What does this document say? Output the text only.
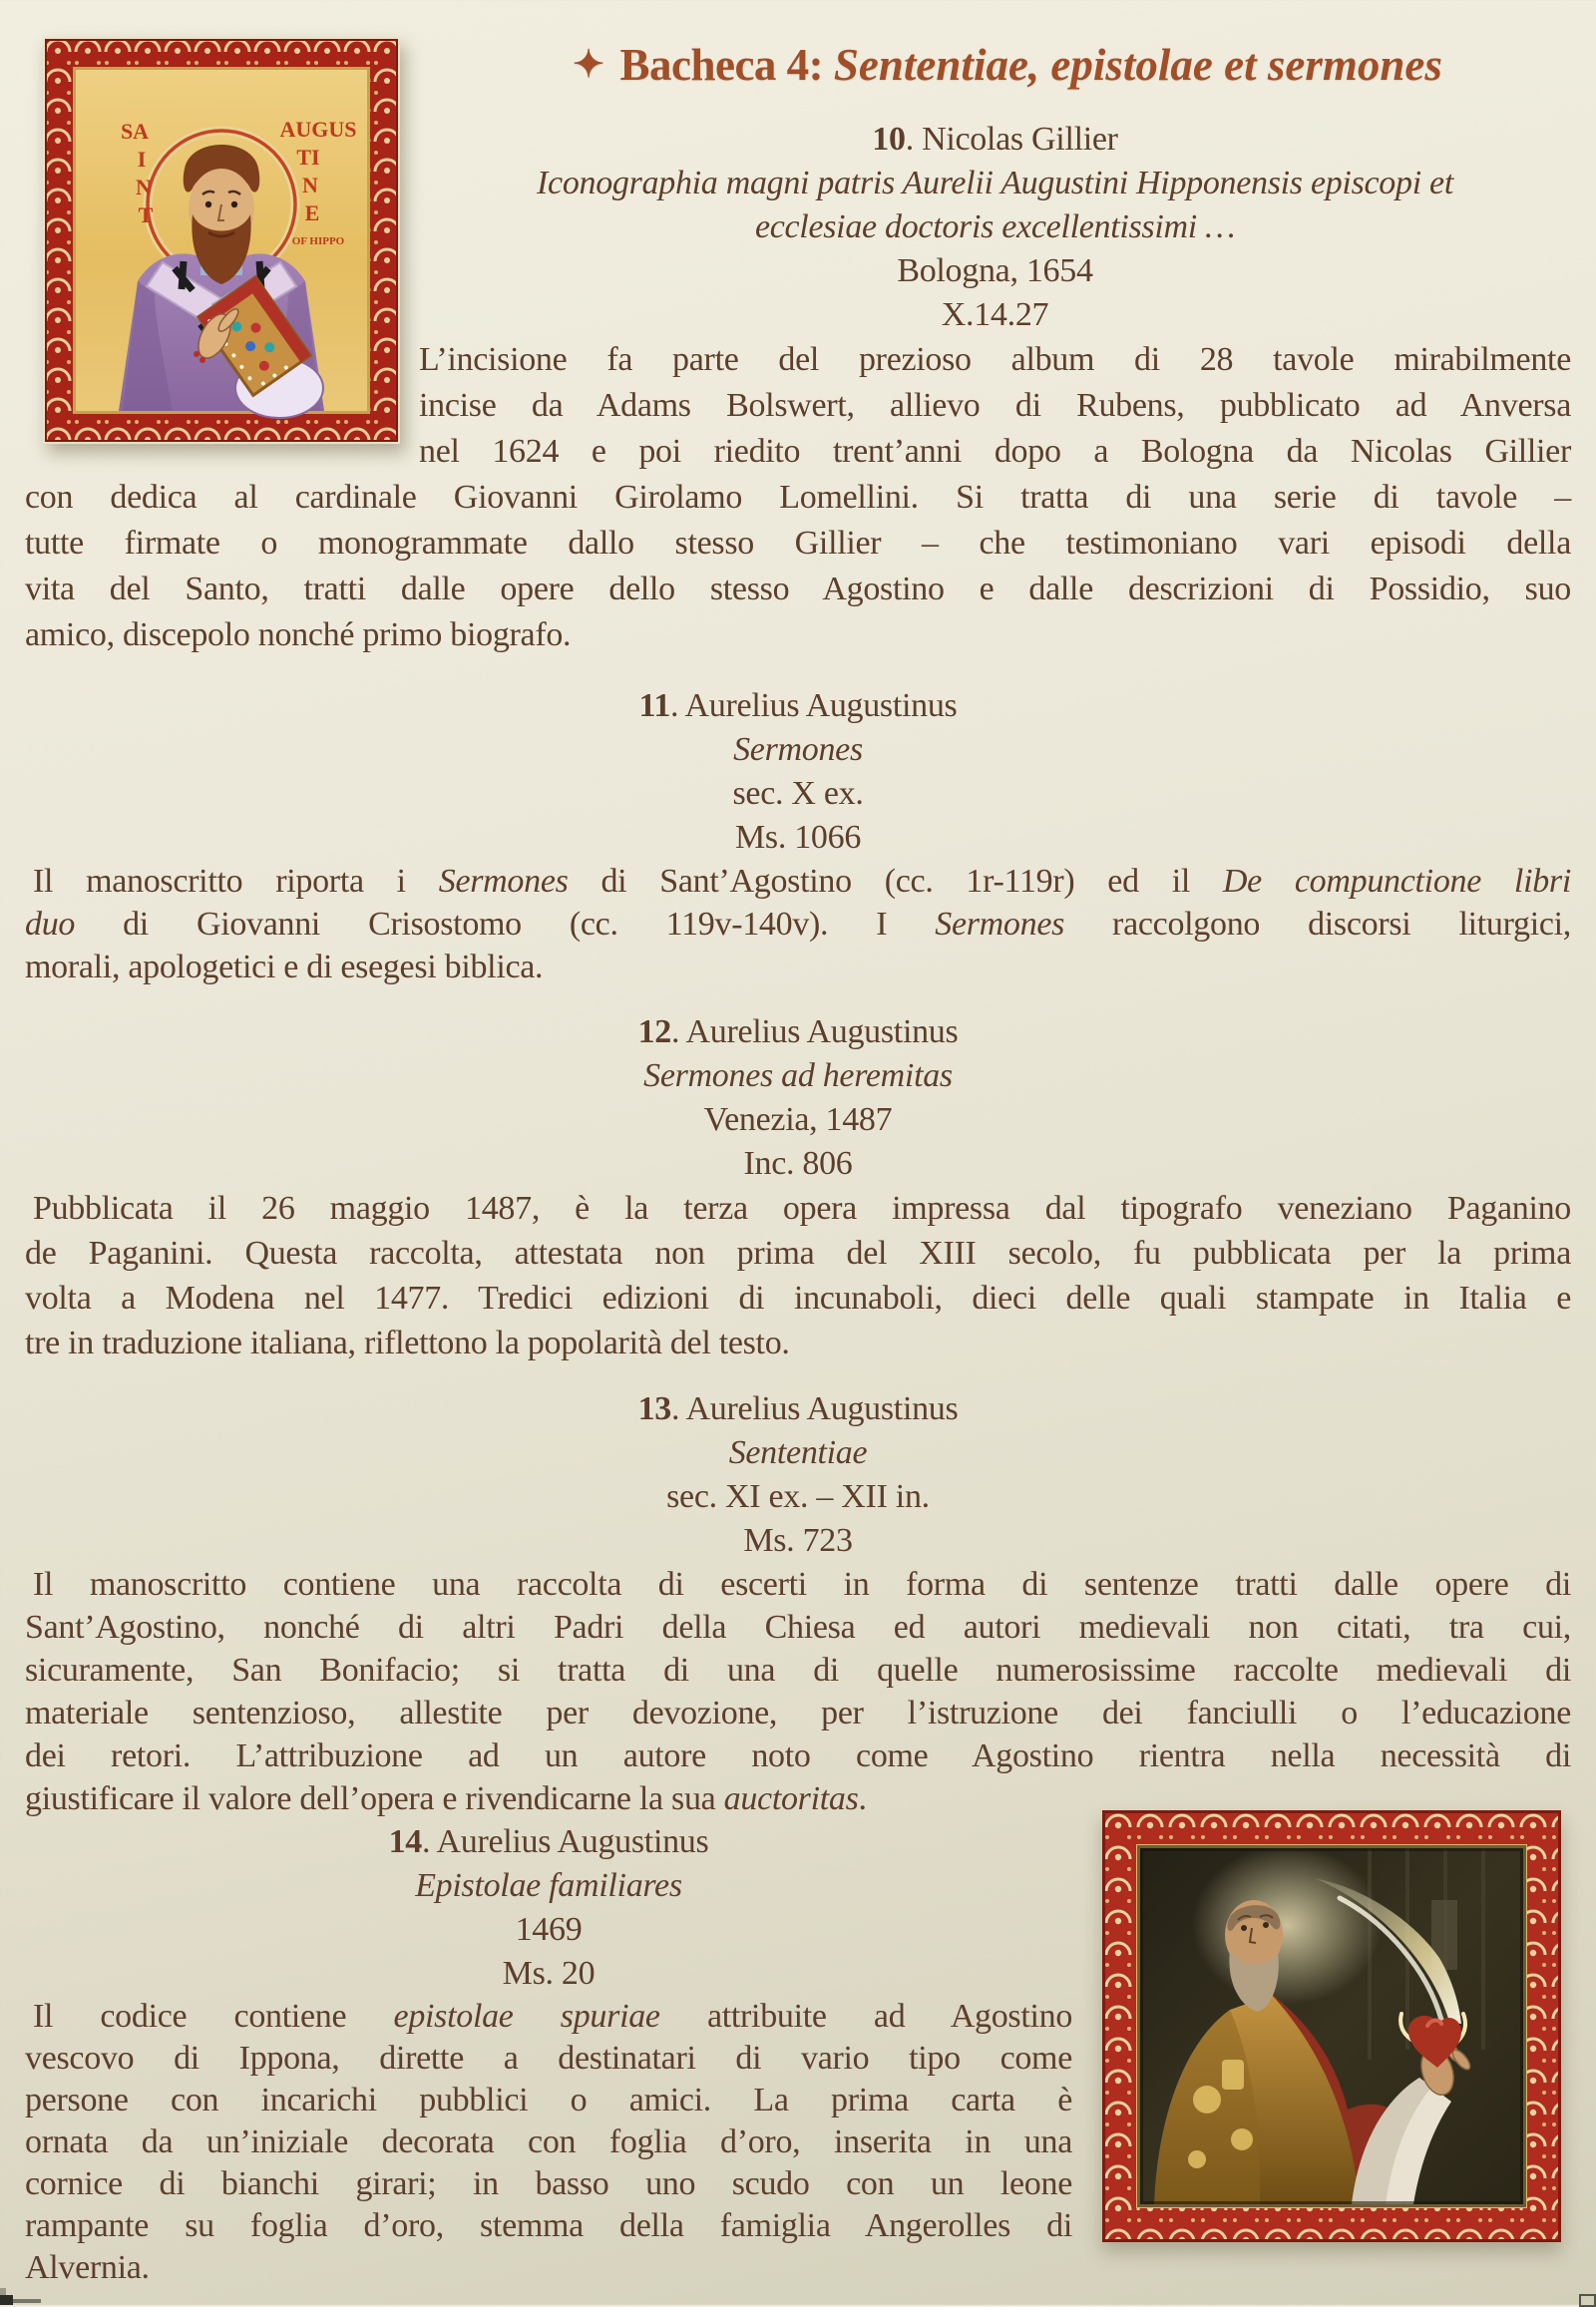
SA
I
N
T
AUGUS
TI
N
E
OF HIPPO
✦ Bacheca 4: Sententiae, epistolae et sermones
10. Nicolas Gillier
Iconographia magni patris Aurelii Augustini Hipponensis episcopi et
ecclesiae doctoris excellentissimi …
Bologna, 1654
X.14.27
L’incisione fa parte del prezioso album di 28 tavole mirabilmente
incise da Adams Bolswert, allievo di Rubens, pubblicato ad Anversa
nel 1624 e poi riedito trent’anni dopo a Bologna da Nicolas Gillier
con dedica al cardinale Giovanni Girolamo Lomellini. Si tratta di una serie di tavole –
tutte firmate o monogrammate dallo stesso Gillier – che testimoniano vari episodi della
vita del Santo, tratti dalle opere dello stesso Agostino e dalle descrizioni di Possidio, suo
amico, discepolo nonché primo biografo.
11. Aurelius Augustinus
Sermones
sec. X ex.
Ms. 1066
Il manoscritto riporta i Sermones di Sant’Agostino (cc. 1r-119r) ed il De compunctione libri
duo di Giovanni Crisostomo (cc. 119v-140v). I Sermones raccolgono discorsi liturgici,
morali, apologetici e di esegesi biblica.
12. Aurelius Augustinus
Sermones ad heremitas
Venezia, 1487
Inc. 806
Pubblicata il 26 maggio 1487, è la terza opera impressa dal tipografo veneziano Paganino
de Paganini. Questa raccolta, attestata non prima del XIII secolo, fu pubblicata per la prima
volta a Modena nel 1477. Tredici edizioni di incunaboli, dieci delle quali stampate in Italia e
tre in traduzione italiana, riflettono la popolarità del testo.
13. Aurelius Augustinus
Sententiae
sec. XI ex. – XII in.
Ms. 723
Il manoscritto contiene una raccolta di escerti in forma di sentenze tratti dalle opere di
Sant’Agostino, nonché di altri Padri della Chiesa ed autori medievali non citati, tra cui,
sicuramente, San Bonifacio; si tratta di una di quelle numerosissime raccolte medievali di
materiale sentenzioso, allestite per devozione, per l’istruzione dei fanciulli o l’educazione
dei retori. L’attribuzione ad un autore noto come Agostino rientra nella necessità di
giustificare il valore dell’opera e rivendicarne la sua auctoritas.
14. Aurelius Augustinus
Epistolae familiares
1469
Ms. 20
Il codice contiene epistolae spuriae attribuite ad Agostino
vescovo di Ippona, dirette a destinatari di vario tipo come
persone con incarichi pubblici o amici. La prima carta è
ornata da un’iniziale decorata con foglia d’oro, inserita in una
cornice di bianchi girari; in basso uno scudo con un leone
rampante su foglia d’oro, stemma della famiglia Angerolles di
Alvernia.
